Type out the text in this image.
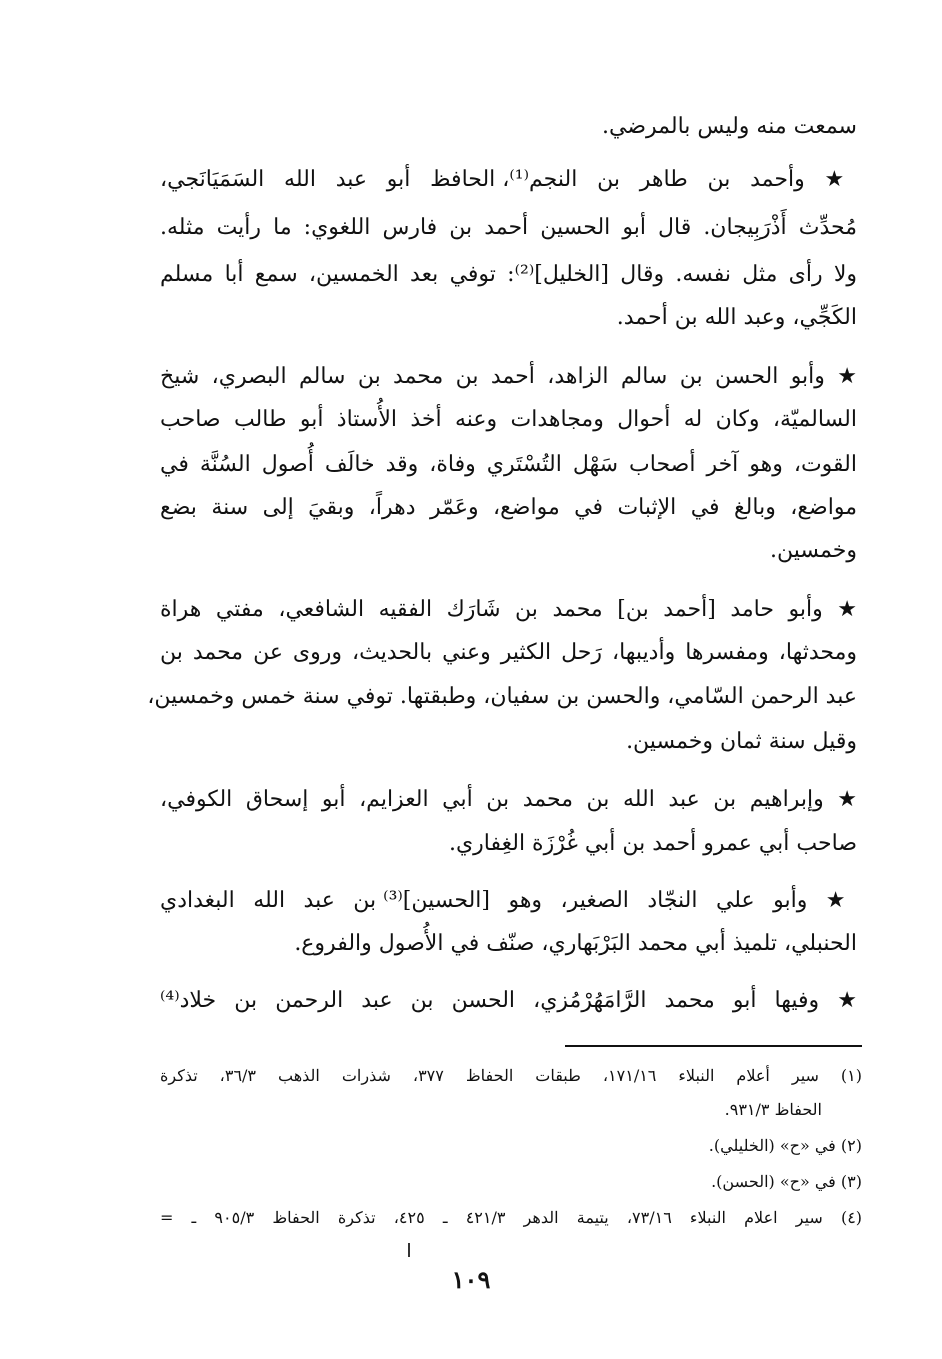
سمعت منه وليس بالمرضي.
★ وأحمد بن طاهر بن النجم⁽¹⁾، الحافظ أبو عبد الله السَمَيَانَجي،
مُحدِّث أَذْرَبِيجان. قال أبو الحسين أحمد بن فارس اللغوي: ما رأيت مثله.
ولا رأى مثل نفسه. وقال [الخليل]⁽²⁾: توفي بعد الخمسين، سمع أبا مسلم
الكَجِّي، وعبد الله بن أحمد.
★ وأبو الحسن بن سالم الزاهد، أحمد بن محمد بن سالم البصري، شيخ
السالميّة، وكان له أحوال ومجاهدات وعنه أخذ الأُستاذ أبو طالب صاحب
القوت، وهو آخر أصحاب سَهْل التُسْتَري وفاة، وقد خالَف أُصول السُنَّة في
مواضع، وبالغ في الإثبات في مواضع، وعَمّر دهراً، وبقيَ إلى سنة بضع
وخمسين.
★ وأبو حامد [أحمد بن] محمد بن شَارَك الفقيه الشافعي، مفتي هراة
ومحدثها، ومفسرها وأديبها، رَحل الكثير وعني بالحديث، وروى عن محمد بن
عبد الرحمن السّامي، والحسن بن سفيان، وطبقتها. توفي سنة خمس وخمسين،
وقيل سنة ثمان وخمسين.
★ وإبراهيم بن عبد الله بن محمد بن أبي العزايم، أبو إسحاق الكوفي،
صاحب أبي عمرو أحمد بن أبي غُرْزَة الغِفاري.
★ وأبو علي النجّاد الصغير، وهو [الحسين]⁽³⁾ بن عبد الله البغدادي
الحنبلي، تلميذ أبي محمد البَرْبَهاري، صنّف في الأُصول والفروع.
★ وفيها أبو محمد الرَّامَهُرْمُزي، الحسن بن عبد الرحمن بن خلاد⁽⁴⁾
(١) سير أعلام النبلاء ١٧١/١٦، طبقات الحفاظ ٣٧٧، شذرات الذهب ٣٦/٣، تذكرة
الحفاظ ٩٣١/٣.
(٢) في «ح» (الخليلي).
(٣) في «ح» (الحسن).
(٤) سير اعلام النبلاء ٧٣/١٦، يتيمة الدهر ٤٢١/٣ ـ ٤٢٥، تذكرة الحفاظ ٩٠٥/٣ ـ =
١٠٩
